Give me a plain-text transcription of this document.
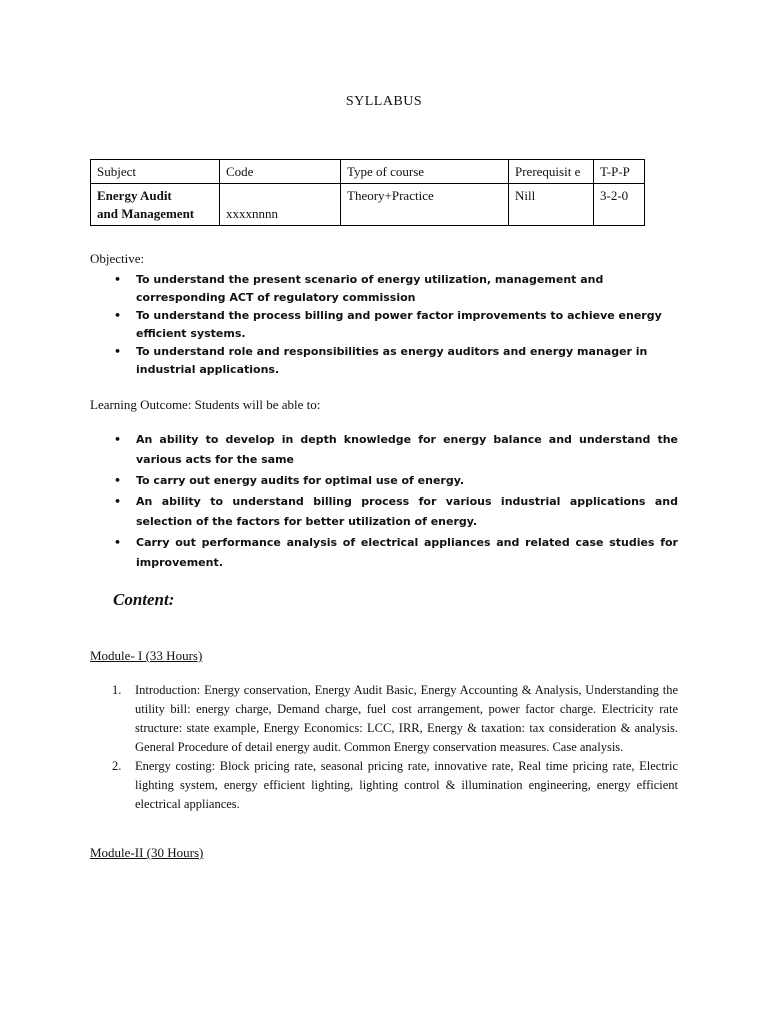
SYLLABUS
Subject	Code	Type of course	Prerequisit e	T-P-P

Energy Audit
and Management	xxxxnnnn	Theory+Practice	Nill	3-2-0
Objective:
• To understand the present scenario of energy utilization, management and corresponding ACT of regulatory commission
• To understand the process billing and power factor improvements to achieve energy efficient systems.
• To understand role and responsibilities as energy auditors and energy manager in industrial applications.
Learning Outcome: Students will be able to:
• An ability to develop in depth knowledge for energy balance and understand the various acts for the same
• To carry out energy audits for optimal use of energy.
• An ability to understand billing process for various industrial applications and selection of the factors for better utilization of energy.
• Carry out performance analysis of electrical appliances and related case studies for improvement.
Content:
Module- I (33 Hours)
1. Introduction: Energy conservation, Energy Audit Basic, Energy Accounting & Analysis, Understanding the utility bill: energy charge, Demand charge, fuel cost arrangement, power factor charge. Electricity rate structure: state example, Energy Economics: LCC, IRR, Energy & taxation: tax consideration & analysis. General Procedure of detail energy audit. Common Energy conservation measures. Case analysis.
2. Energy costing: Block pricing rate, seasonal pricing rate, innovative rate, Real time pricing rate, Electric lighting system, energy efficient lighting, lighting control & illumination engineering, energy efficient electrical appliances.
Module-II (30 Hours)
